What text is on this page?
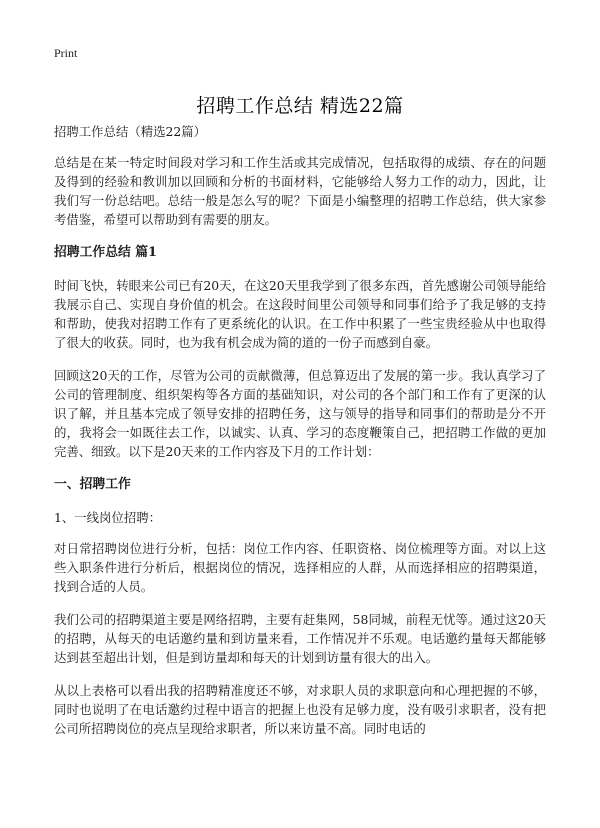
Print
招聘工作总结 精选22篇

招聘工作总结（精选22篇）

总结是在某一特定时间段对学习和工作生活或其完成情况，包括取得的成绩、存在的问题及得到的经验和教训加以回顾和分析的书面材料，它能够给人努力工作的动力，因此，让我们写一份总结吧。总结一般是怎么写的呢？下面是小编整理的招聘工作总结，供大家参考借鉴，希望可以帮助到有需要的朋友。

招聘工作总结 篇1

时间飞快，转眼来公司已有20天，在这20天里我学到了很多东西，首先感谢公司领导能给我展示自己、实现自身价值的机会。在这段时间里公司领导和同事们给予了我足够的支持和帮助，使我对招聘工作有了更系统化的认识。在工作中积累了一些宝贵经验从中也取得了很大的收获。同时，也为我有机会成为简的道的一份子而感到自豪。

回顾这20天的工作，尽管为公司的贡献微薄，但总算迈出了发展的第一步。我认真学习了公司的管理制度、组织架构等各方面的基础知识，对公司的各个部门和工作有了更深的认识了解，并且基本完成了领导安排的招聘任务，这与领导的指导和同事们的帮助是分不开的，我将会一如既往去工作，以诚实、认真、学习的态度鞭策自己，把招聘工作做的更加完善、细致。以下是20天来的工作内容及下月的工作计划：

一、招聘工作

1、一线岗位招聘：

对日常招聘岗位进行分析，包括：岗位工作内容、任职资格、岗位梳理等方面。对以上这些入职条件进行分析后，根据岗位的情况，选择相应的人群，从而选择相应的招聘渠道，找到合适的人员。

我们公司的招聘渠道主要是网络招聘，主要有赶集网，58同城，前程无忧等。通过这20天的招聘，从每天的电话邀约量和到访量来看，工作情况并不乐观。电话邀约量每天都能够达到甚至超出计划，但是到访量却和每天的计划到访量有很大的出入。

从以上表格可以看出我的招聘精准度还不够，对求职人员的求职意向和心理把握的不够，同时也说明了在电话邀约过程中语言的把握上也没有足够力度，没有吸引求职者，没有把公司所招聘岗位的亮点呈现给求职者，所以来访量不高。同时电话的
